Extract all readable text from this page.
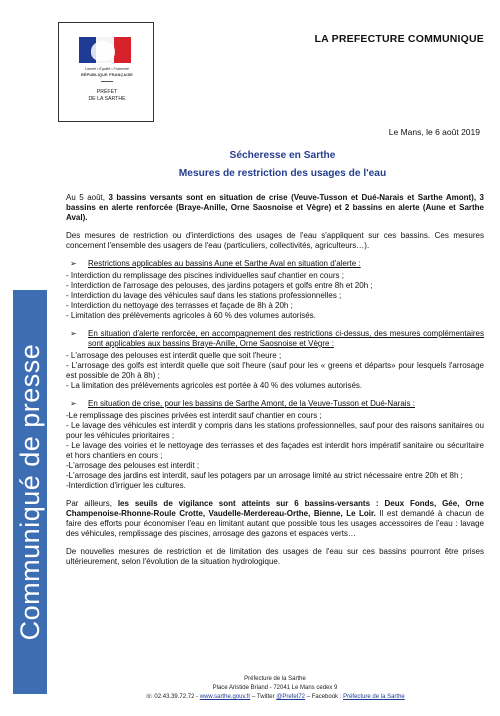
Liberté • Égalité • Fraternité
RÉPUBLIQUE FRANÇAISE
PRÉFET
DE LA SARTHE
LA PREFECTURE COMMUNIQUE
Communiqué de presse
Le Mans, le 6 août 2019
Sécheresse en Sarthe
Mesures de restriction des usages de l'eau

Au 5 août, 3 bassins versants sont en situation de crise (Veuve-Tusson et Dué-Narais et Sarthe Amont), 3 bassins en alerte renforcée (Braye-Anille, Orne Saosnoise et Vègre) et 2 bassins en alerte (Aune et Sarthe Aval).

Des mesures de restriction ou d'interdictions des usages de l'eau s'appliquent sur ces bassins. Ces mesures concernent l'ensemble des usagers de l'eau (particuliers, collectivités, agriculteurs…).

➢	Restrictions applicables au bassins Aune et Sarthe Aval en situation d'alerte :
- Interdiction du remplissage des piscines individuelles sauf chantier en cours ;
- Interdiction de l'arrosage des pelouses, des jardins potagers et golfs entre 8h et 20h ;
- Interdiction du lavage des véhicules sauf dans les stations professionnelles ;
- Interdiction du nettoyage des terrasses et façade de 8h à 20h ;
- Limitation des prélèvements agricoles à 60 % des volumes autorisés.
➢	En situation d'alerte renforcée, en accompagnement des restrictions ci-dessus, des mesures complémentaires sont applicables aux bassins Braye-Anille, Orne Saosnoise et Vègre :
- L'arrosage des pelouses est interdit quelle que soit l'heure ;
- L'arrosage des golfs est interdit quelle que soit l'heure (sauf pour les « greens et départs» pour lesquels l'arrosage est possible de 20h à 8h) ;
- La limitation des prélèvements agricoles est portée à 40 % des volumes autorisés.
➢	En situation de crise, pour les bassins de Sarthe Amont, de la Veuve-Tusson et Dué-Narais :
-Le remplissage des piscines privées est interdit sauf chantier en cours ;
- Le lavage des véhicules est interdit y compris dans les stations professionnelles, sauf pour des raisons sanitaires ou pour les véhicules prioritaires ;
- Le lavage des voiries et le nettoyage des terrasses et des façades est interdit hors impératif sanitaire ou sécuritaire et hors chantiers en cours ;
-L'arrosage des pelouses est interdit ;
-L'arrosage des jardins est interdit, sauf les potagers par un arrosage limité au strict nécessaire entre 20h et 8h ;
-Interdiction d'irriguer les cultures.

Par ailleurs, les seuils de vigilance sont atteints sur 6 bassins-versants : Deux Fonds, Gée, Orne Champenoise-Rhonne-Roule Crotte, Vaudelle-Merdereau-Orthe, Bienne, Le Loir. Il est demandé à chacun de faire des efforts pour économiser l'eau en limitant autant que possible tous les usages accessoires de l'eau : lavage des véhicules, remplissage des piscines, arrosage des gazons et espaces verts…

De nouvelles mesures de restriction et de limitation des usages de l'eau sur ces bassins pourront être prises ultérieurement, selon l'évolution de la situation hydrologique.

Préfecture de la Sarthe
Place Aristide Briand - 72041 Le Mans cedex 9
☏ 02.43.39.72.72 - www.sarthe.gouv.fr – Twitter @Prefet72 – Facebook : Préfecture de la Sarthe
